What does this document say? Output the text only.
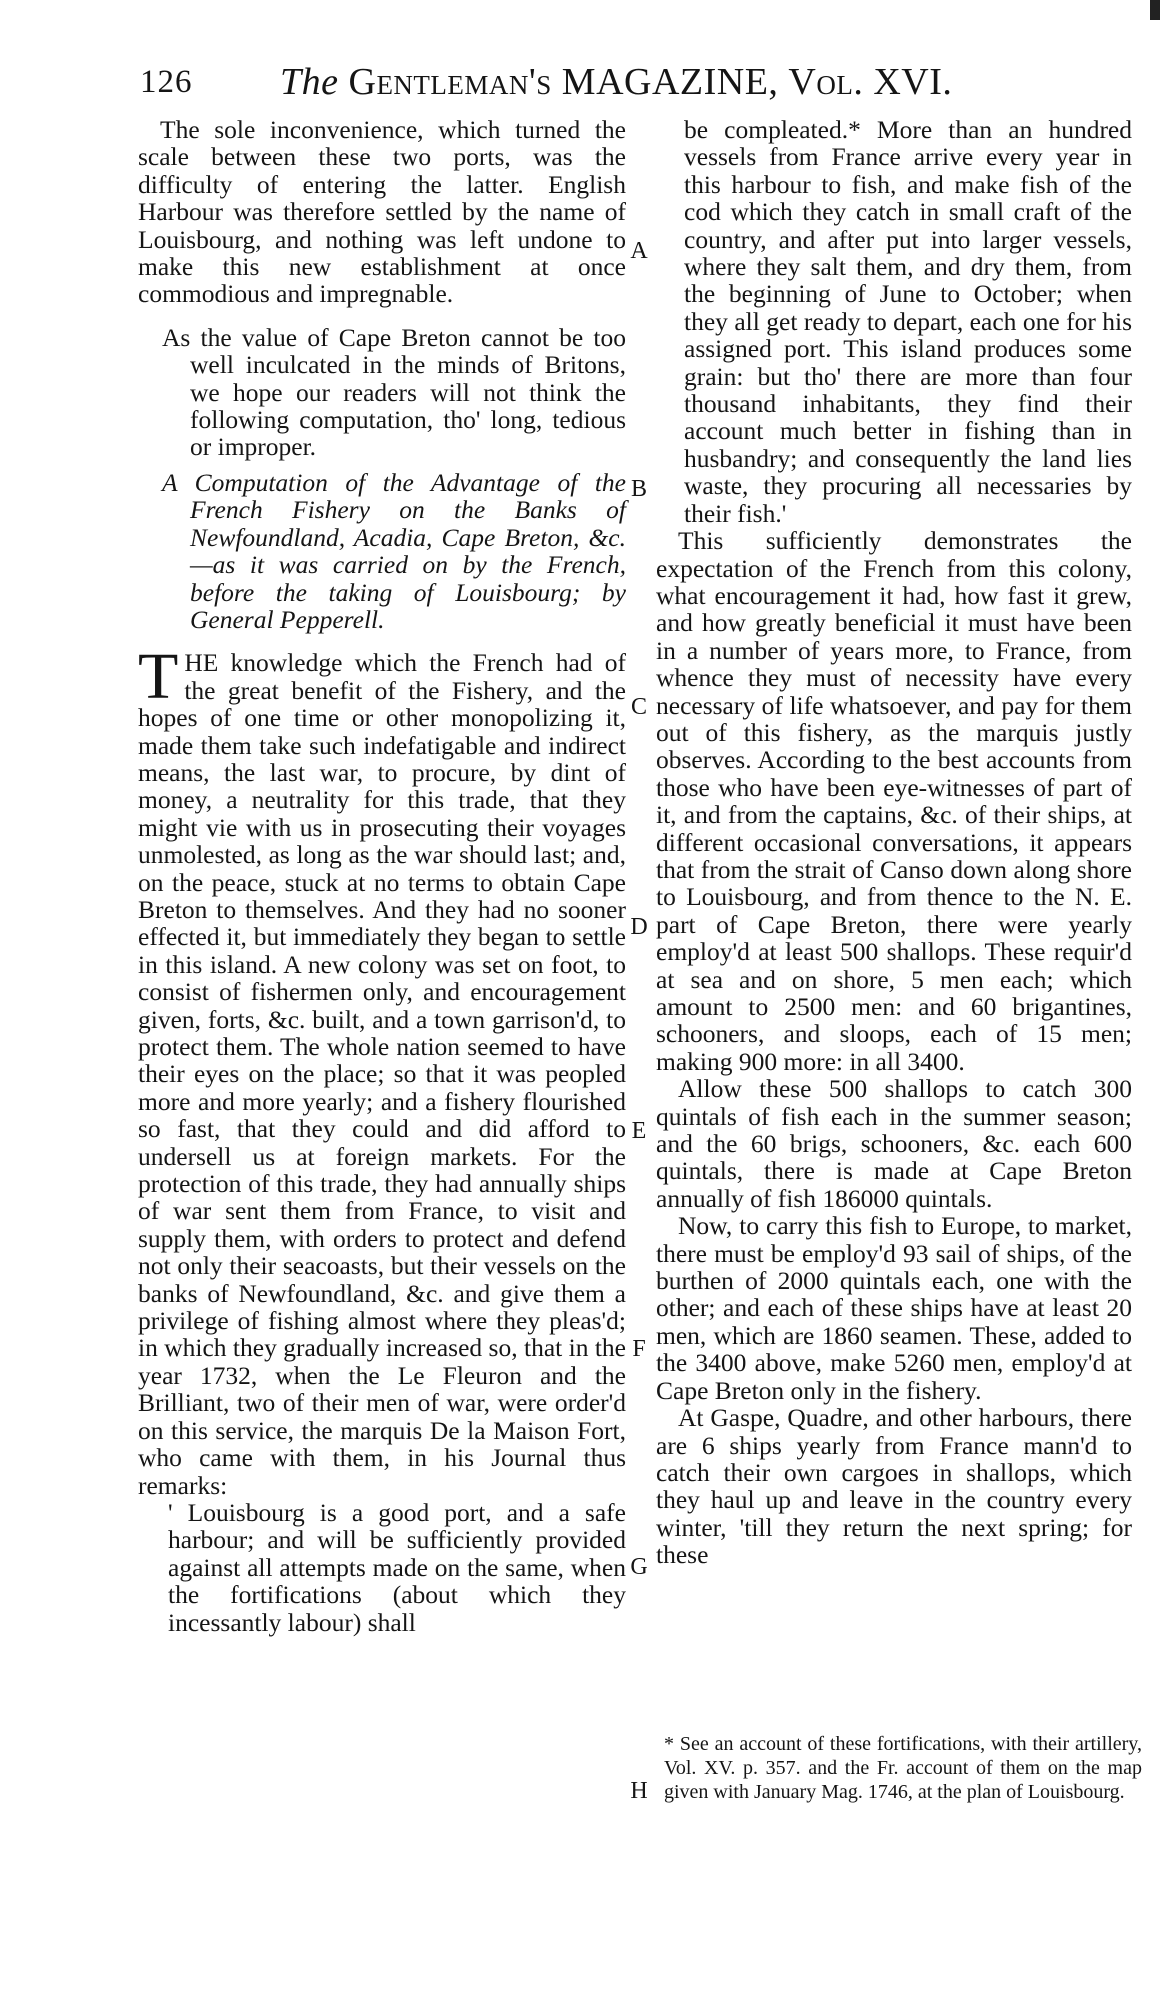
126 The Gentleman's MAGAZINE, Vol. XVI.

The sole inconvenience, which turned the scale between these two ports, was the difficulty of entering the latter. English Harbour was therefore settled by the name of Louisbourg, and nothing was left undone to make this new establishment at once commodious and impregnable.

As the value of Cape Breton cannot be too well inculcated in the minds of Britons, we hope our readers will not think the following computation, tho' long, tedious or improper.

A Computation of the Advantage of the French Fishery on the Banks of Newfoundland, Acadia, Cape Breton, &c.—as it was carried on by the French, before the taking of Louisbourg; by General Pepperell.

T HE knowledge which the French had of the great benefit of the Fishery, and the hopes of one time or other monopolizing it, made them take such indefatigable and indirect means, the last war, to procure, by dint of money, a neutrality for this trade, that they might vie with us in prosecuting their voyages unmolested, as long as the war should last; and, on the peace, stuck at no terms to obtain Cape Breton to themselves. And they had no sooner effected it, but immediately they began to settle in this island. A new colony was set on foot, to consist of fishermen only, and encouragement given, forts, &c. built, and a town garrison'd, to protect them. The whole nation seemed to have their eyes on the place; so that it was peopled more and more yearly; and a fishery flourished so fast, that they could and did afford to undersell us at foreign markets. For the protection of this trade, they had annually ships of war sent them from France, to visit and supply them, with orders to protect and defend not only their seacoasts, but their vessels on the banks of Newfoundland, &c. and give them a privilege of fishing almost where they pleas'd; in which they gradually increased so, that in the year 1732, when the Le Fleuron and the Brilliant, two of their men of war, were order'd on this service, the marquis De la Maison Fort, who came with them, in his Journal thus remarks:

' Louisbourg is a good port, and a safe harbour; and will be sufficiently provided against all attempts made on the same, when the fortifications (about which they incessantly labour) shall

A
B
C
D
E
F
G
H

be compleated.* More than an hundred vessels from France arrive every year in this harbour to fish, and make fish of the cod which they catch in small craft of the country, and after put into larger vessels, where they salt them, and dry them, from the beginning of June to October; when they all get ready to depart, each one for his assigned port. This island produces some grain: but tho' there are more than four thousand inhabitants, they find their account much better in fishing than in husbandry; and consequently the land lies waste, they procuring all necessaries by their fish.'

This sufficiently demonstrates the expectation of the French from this colony, what encouragement it had, how fast it grew, and how greatly beneficial it must have been in a number of years more, to France, from whence they must of necessity have every necessary of life whatsoever, and pay for them out of this fishery, as the marquis justly observes. According to the best accounts from those who have been eye-witnesses of part of it, and from the captains, &c. of their ships, at different occasional conversations, it appears that from the strait of Canso down along shore to Louisbourg, and from thence to the N. E. part of Cape Breton, there were yearly employ'd at least 500 shallops. These requir'd at sea and on shore, 5 men each; which amount to 2500 men: and 60 brigantines, schooners, and sloops, each of 15 men; making 900 more: in all 3400.

Allow these 500 shallops to catch 300 quintals of fish each in the summer season; and the 60 brigs, schooners, &c. each 600 quintals, there is made at Cape Breton annually of fish 186000 quintals.

Now, to carry this fish to Europe, to market, there must be employ'd 93 sail of ships, of the burthen of 2000 quintals each, one with the other; and each of these ships have at least 20 men, which are 1860 seamen. These, added to the 3400 above, make 5260 men, employ'd at Cape Breton only in the fishery.

At Gaspe, Quadre, and other harbours, there are 6 ships yearly from France mann'd to catch their own cargoes in shallops, which they haul up and leave in the country every winter, 'till they return the next spring; for these

* See an account of these fortifications, with their artillery, Vol. XV. p. 357. and the Fr. account of them on the map given with January Mag. 1746, at the plan of Louisbourg.
